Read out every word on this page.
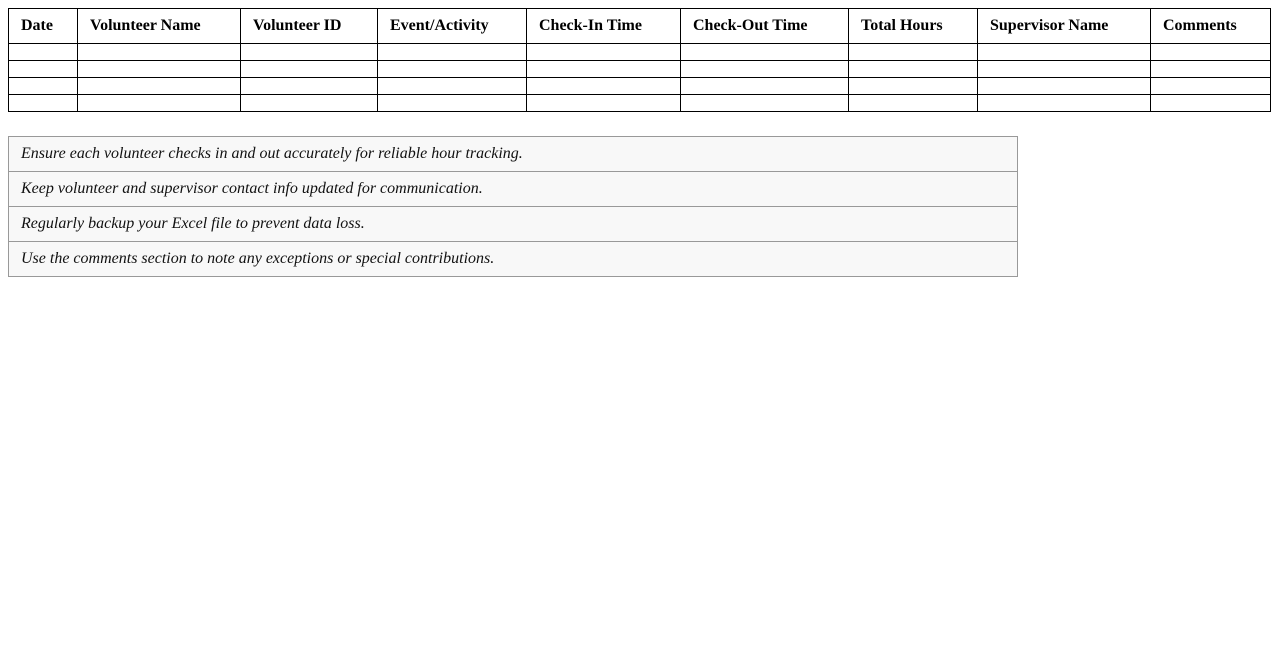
Date	Volunteer Name	Volunteer ID	Event/Activity	Check-In Time	Check-Out Time	Total Hours	Supervisor Name	Comments

Ensure each volunteer checks in and out accurately for reliable hour tracking.
Keep volunteer and supervisor contact info updated for communication.
Regularly backup your Excel file to prevent data loss.
Use the comments section to note any exceptions or special contributions.
